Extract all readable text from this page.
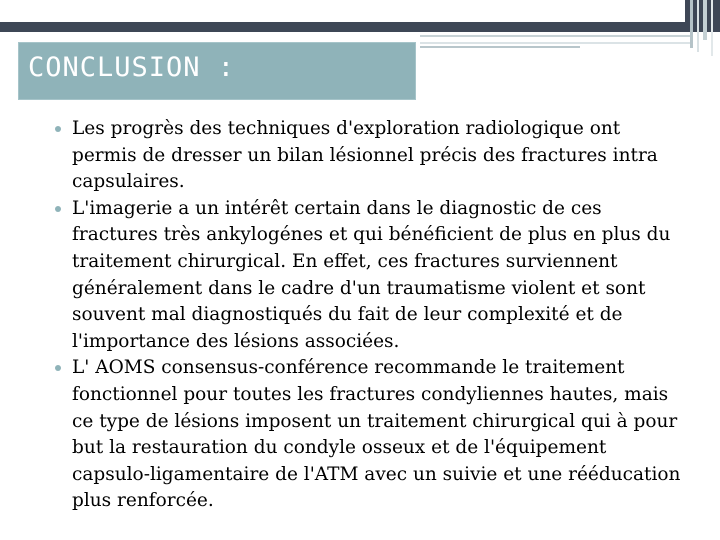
CONCLUSION :
Les progrès des techniques d'exploration radiologique ont permis de dresser un bilan lésionnel précis des fractures intra capsulaires.
L'imagerie a un intérêt certain dans le diagnostic de ces fractures très ankylogénes et qui bénéficient de plus en plus du traitement chirurgical. En effet, ces fractures surviennent généralement dans le cadre d'un traumatisme violent et sont souvent mal diagnostiqués du fait de leur complexité et de l'importance des lésions associées.
L' AOMS consensus-conférence recommande le traitement fonctionnel pour toutes les fractures condyliennes hautes, mais ce type de lésions imposent un traitement chirurgical qui à pour but la restauration du condyle osseux et de l'équipement capsulo-ligamentaire de l'ATM avec un suivie et une rééducation plus renforcée.
